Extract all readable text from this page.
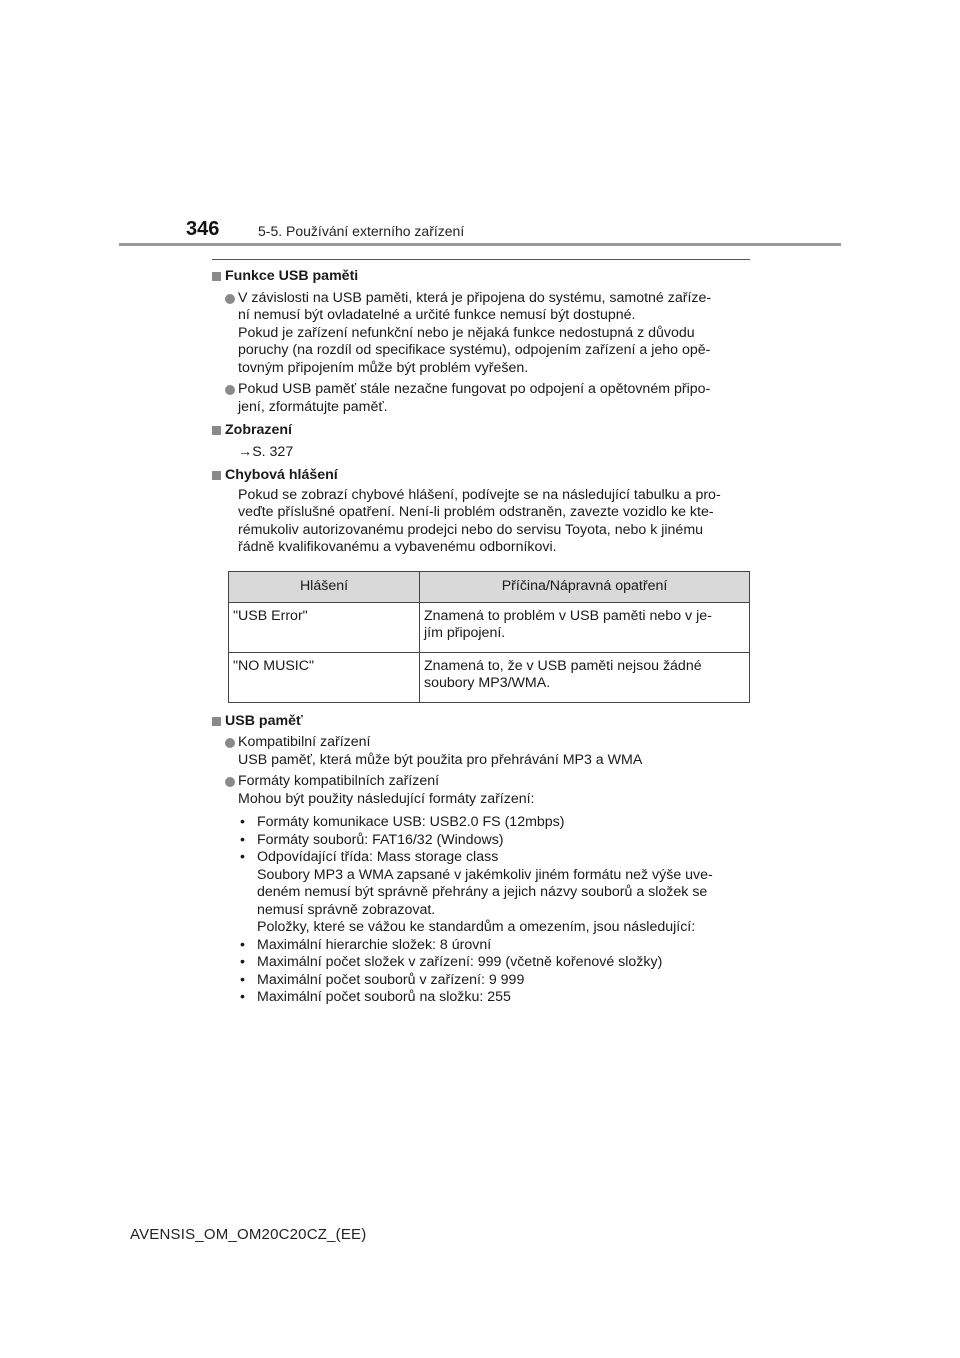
346	5-5. Používání externího zařízení
Funkce USB paměti
V závislosti na USB paměti, která je připojena do systému, samotné zaříze-
ní nemusí být ovladatelné a určité funkce nemusí být dostupné.
Pokud je zařízení nefunkční nebo je nějaká funkce nedostupná z důvodu
poruchy (na rozdíl od specifikace systému), odpojením zařízení a jeho opě-
tovným připojením může být problém vyřešen.
Pokud USB paměť stále nezačne fungovat po odpojení a opětovném připo-
jení, zformátujte paměť.
Zobrazení
→S. 327
Chybová hlášení
Pokud se zobrazí chybové hlášení, podívejte se na následující tabulku a pro-
veďte příslušné opatření. Není-li problém odstraněn, zavezte vozidlo ke kte-
rémukoliv autorizovanému prodejci nebo do servisu Toyota, nebo k jinému
řádně kvalifikovanému a vybavenému odborníkovi.
Hlášení	Příčina/Nápravná opatření
"USB Error"	Znamená to problém v USB paměti nebo v je-
jím připojení.

"NO MUSIC"	Znamená to, že v USB paměti nejsou žádné
soubory MP3/WMA.
USB paměť
Kompatibilní zařízení
USB paměť, která může být použita pro přehrávání MP3 a WMA
Formáty kompatibilních zařízení
Mohou být použity následující formáty zařízení:
• Formáty komunikace USB: USB2.0 FS (12mbps)
• Formáty souborů: FAT16/32 (Windows)
• Odpovídající třída: Mass storage class
Soubory MP3 a WMA zapsané v jakémkoliv jiném formátu než výše uve-
deném nemusí být správně přehrány a jejich názvy souborů a složek se
nemusí správně zobrazovat.
Položky, které se vážou ke standardům a omezením, jsou následující:
• Maximální hierarchie složek: 8 úrovní
• Maximální počet složek v zařízení: 999 (včetně kořenové složky)
• Maximální počet souborů v zařízení: 9 999
• Maximální počet souborů na složku: 255
AVENSIS_OM_OM20C20CZ_(EE)
